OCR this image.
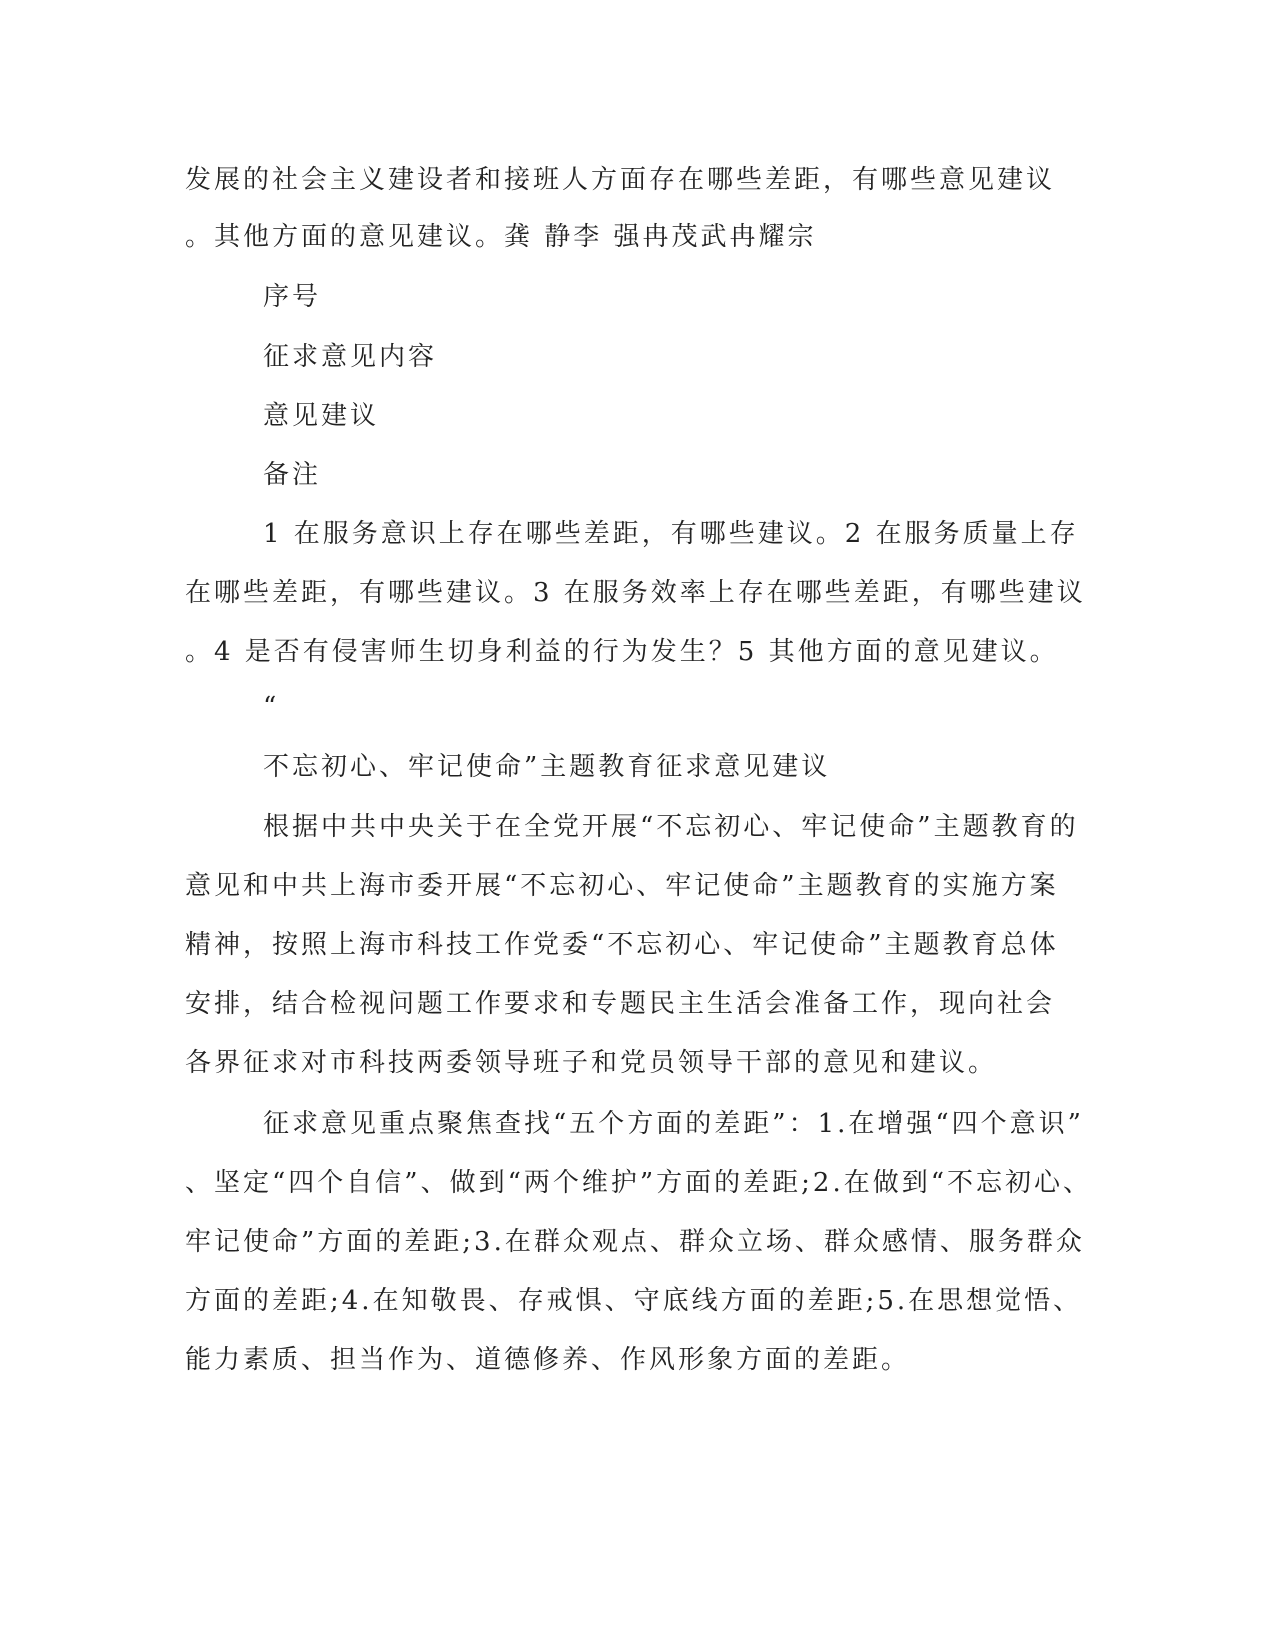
发展的社会主义建设者和接班人方面存在哪些差距，有哪些意见建议
。其他方面的意见建议。龚 静李 强冉茂武冉耀宗
序号
征求意见内容
意见建议
备注
1 在服务意识上存在哪些差距，有哪些建议。2 在服务质量上存
在哪些差距，有哪些建议。3 在服务效率上存在哪些差距，有哪些建议
。4 是否有侵害师生切身利益的行为发生？5 其他方面的意见建议。
“
不忘初心、牢记使命”主题教育征求意见建议
根据中共中央关于在全党开展“不忘初心、牢记使命”主题教育的
意见和中共上海市委开展“不忘初心、牢记使命”主题教育的实施方案
精神，按照上海市科技工作党委“不忘初心、牢记使命”主题教育总体
安排，结合检视问题工作要求和专题民主生活会准备工作，现向社会
各界征求对市科技两委领导班子和党员领导干部的意见和建议。
征求意见重点聚焦查找“五个方面的差距”：1.在增强“四个意识”
、坚定“四个自信”、做到“两个维护”方面的差距;2.在做到“不忘初心、
牢记使命”方面的差距;3.在群众观点、群众立场、群众感情、服务群众
方面的差距;4.在知敬畏、存戒惧、守底线方面的差距;5.在思想觉悟、
能力素质、担当作为、道德修养、作风形象方面的差距。
